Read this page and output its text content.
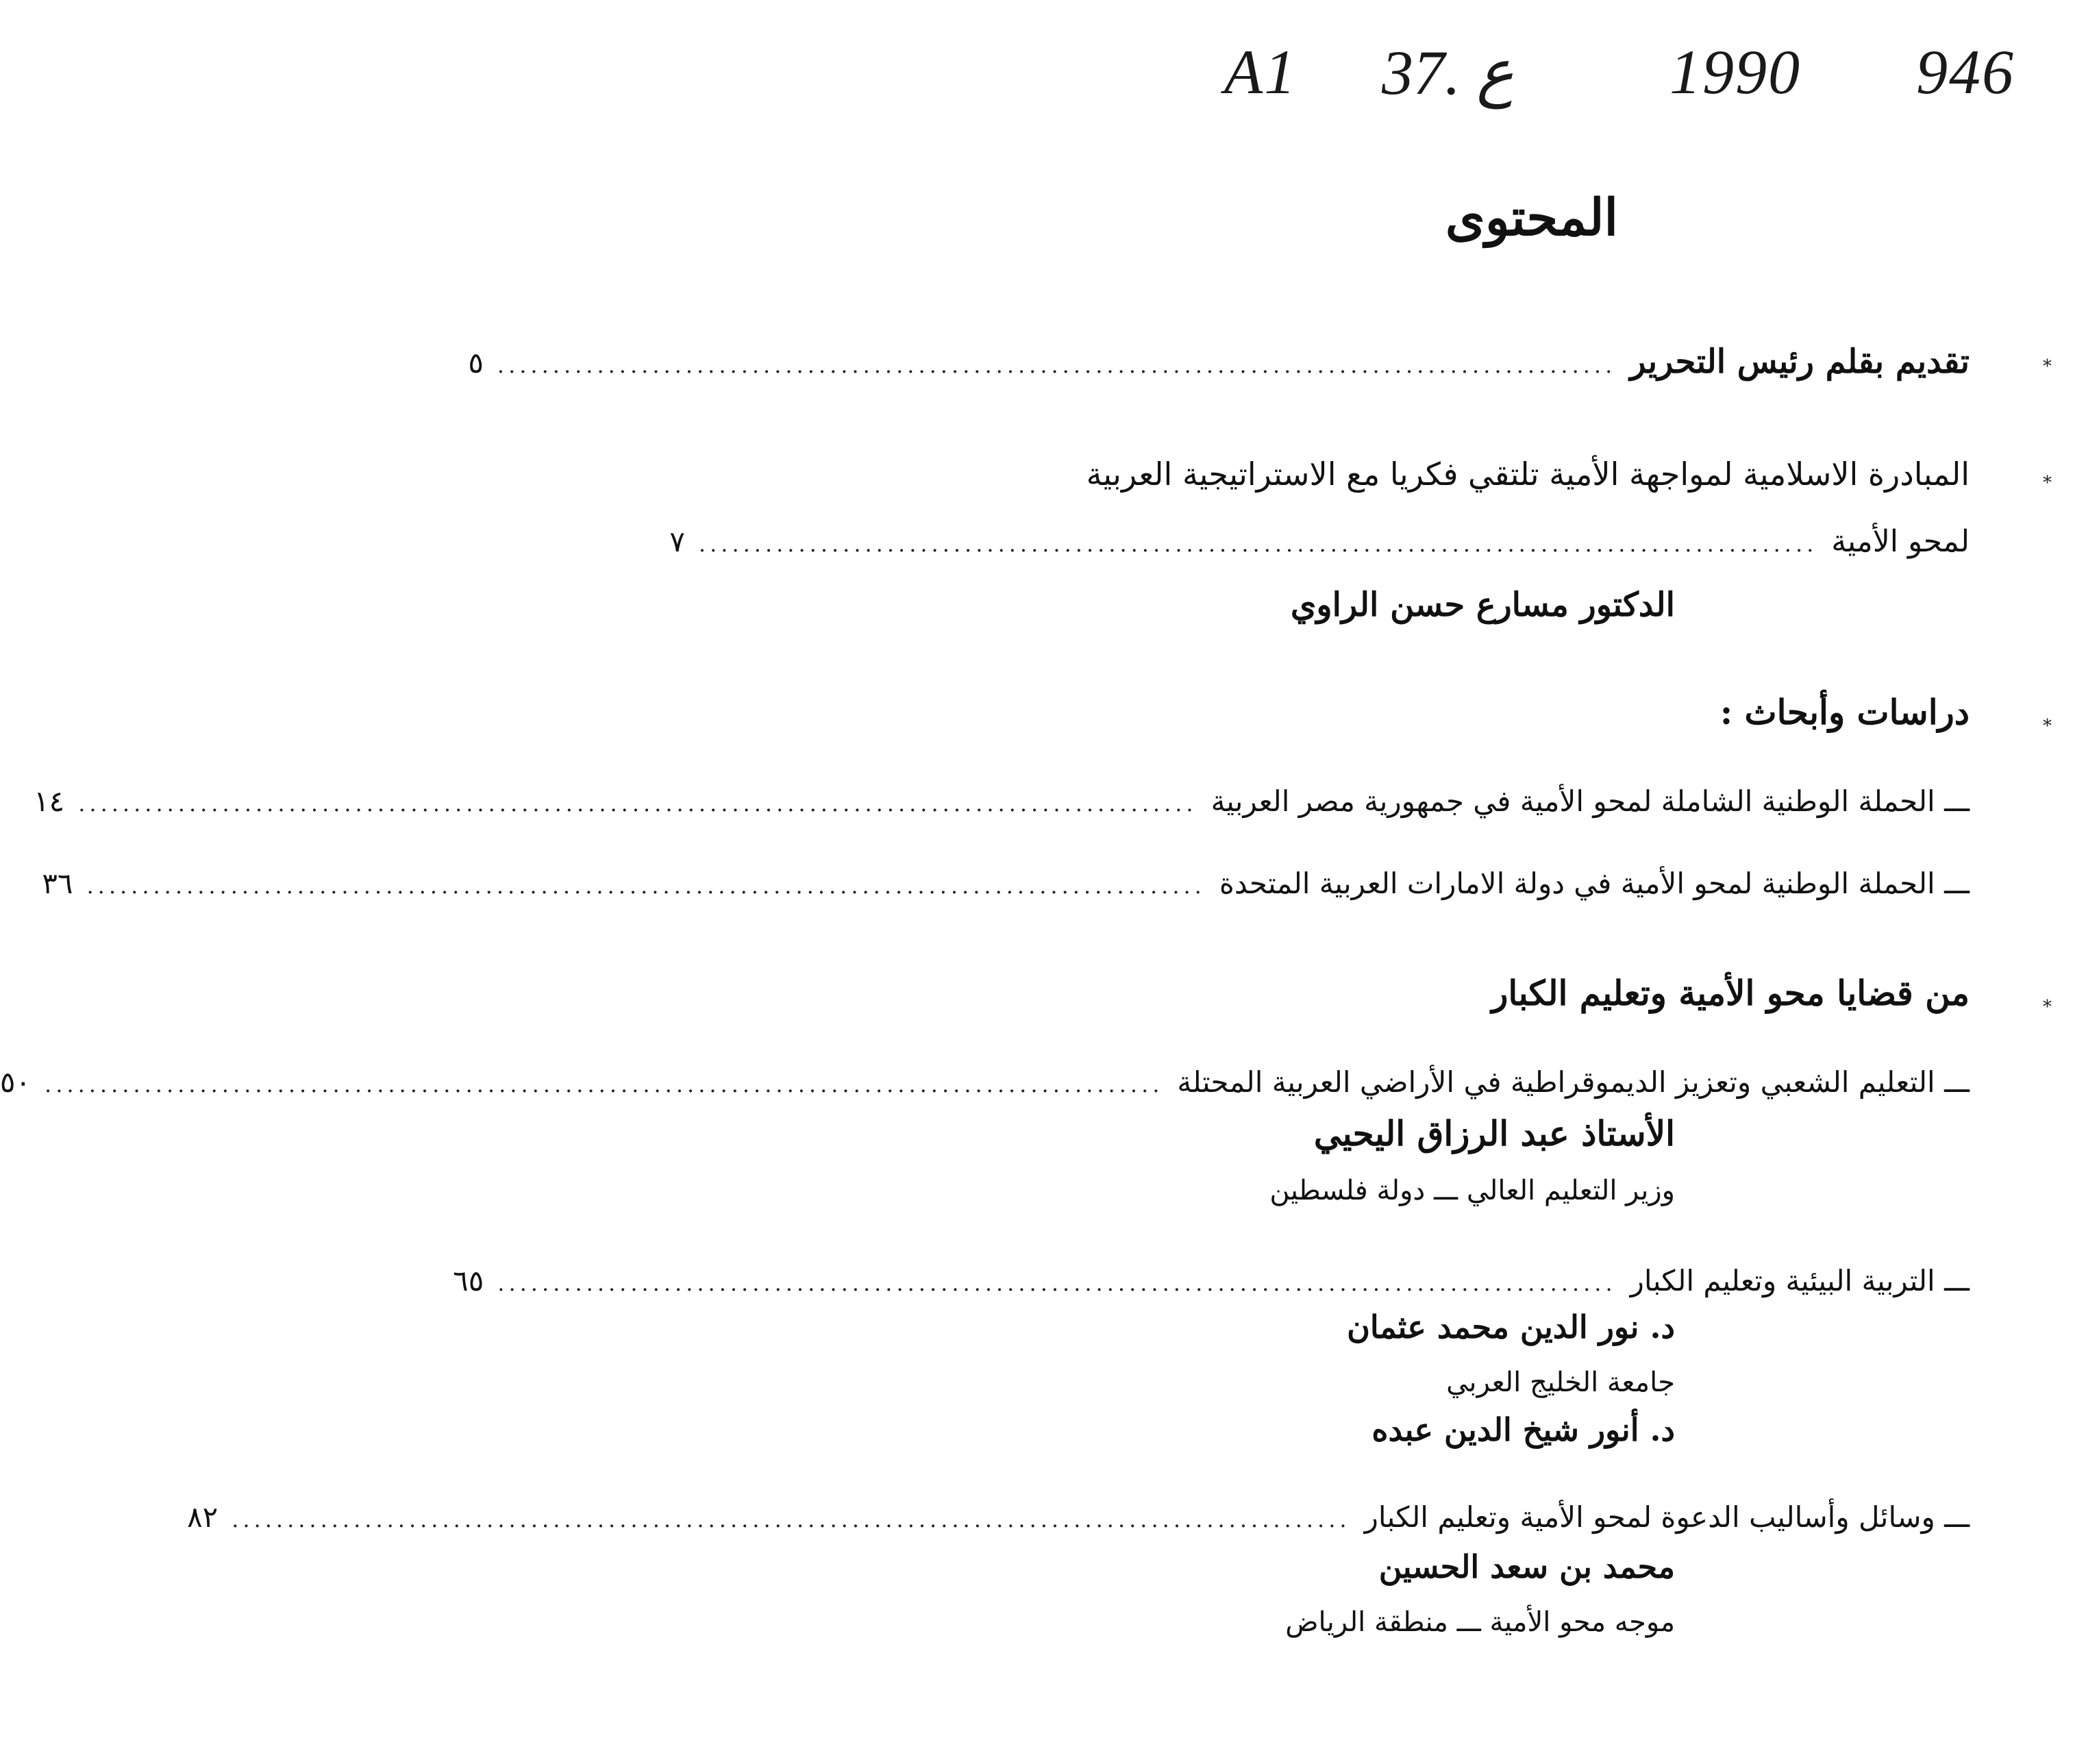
A1 37. ع 1990 946
المحتوى
*
تقديم بقلم رئيس التحرير
.....................................................................................................
٥
*
المبادرة الاسلامية لمواجهة الأمية تلتقي فكريا مع الاستراتيجية العربية
لمحو الأمية
.....................................................................................................
٧
الدكتور مسارع حسن الراوي
*
دراسات وأبحاث :
ـــ الحملة الوطنية الشاملة لمحو الأمية في جمهورية مصر العربية
.....................................................................................................
١٤
ـــ الحملة الوطنية لمحو الأمية في دولة الامارات العربية المتحدة
.....................................................................................................
٣٦
*
من قضايا محو الأمية وتعليم الكبار
ـــ التعليم الشعبي وتعزيز الديموقراطية في الأراضي العربية المحتلة
.....................................................................................................
٥٠
الأستاذ عبد الرزاق اليحيي
وزير التعليم العالي ـــ دولة فلسطين
ـــ التربية البيئية وتعليم الكبار
.....................................................................................................
٦٥
د. نور الدين محمد عثمان
جامعة الخليج العربي
د. أنور شيخ الدين عبده
ـــ وسائل وأساليب الدعوة لمحو الأمية وتعليم الكبار
.....................................................................................................
٨٢
محمد بن سعد الحسين
موجه محو الأمية ـــ منطقة الرياض
